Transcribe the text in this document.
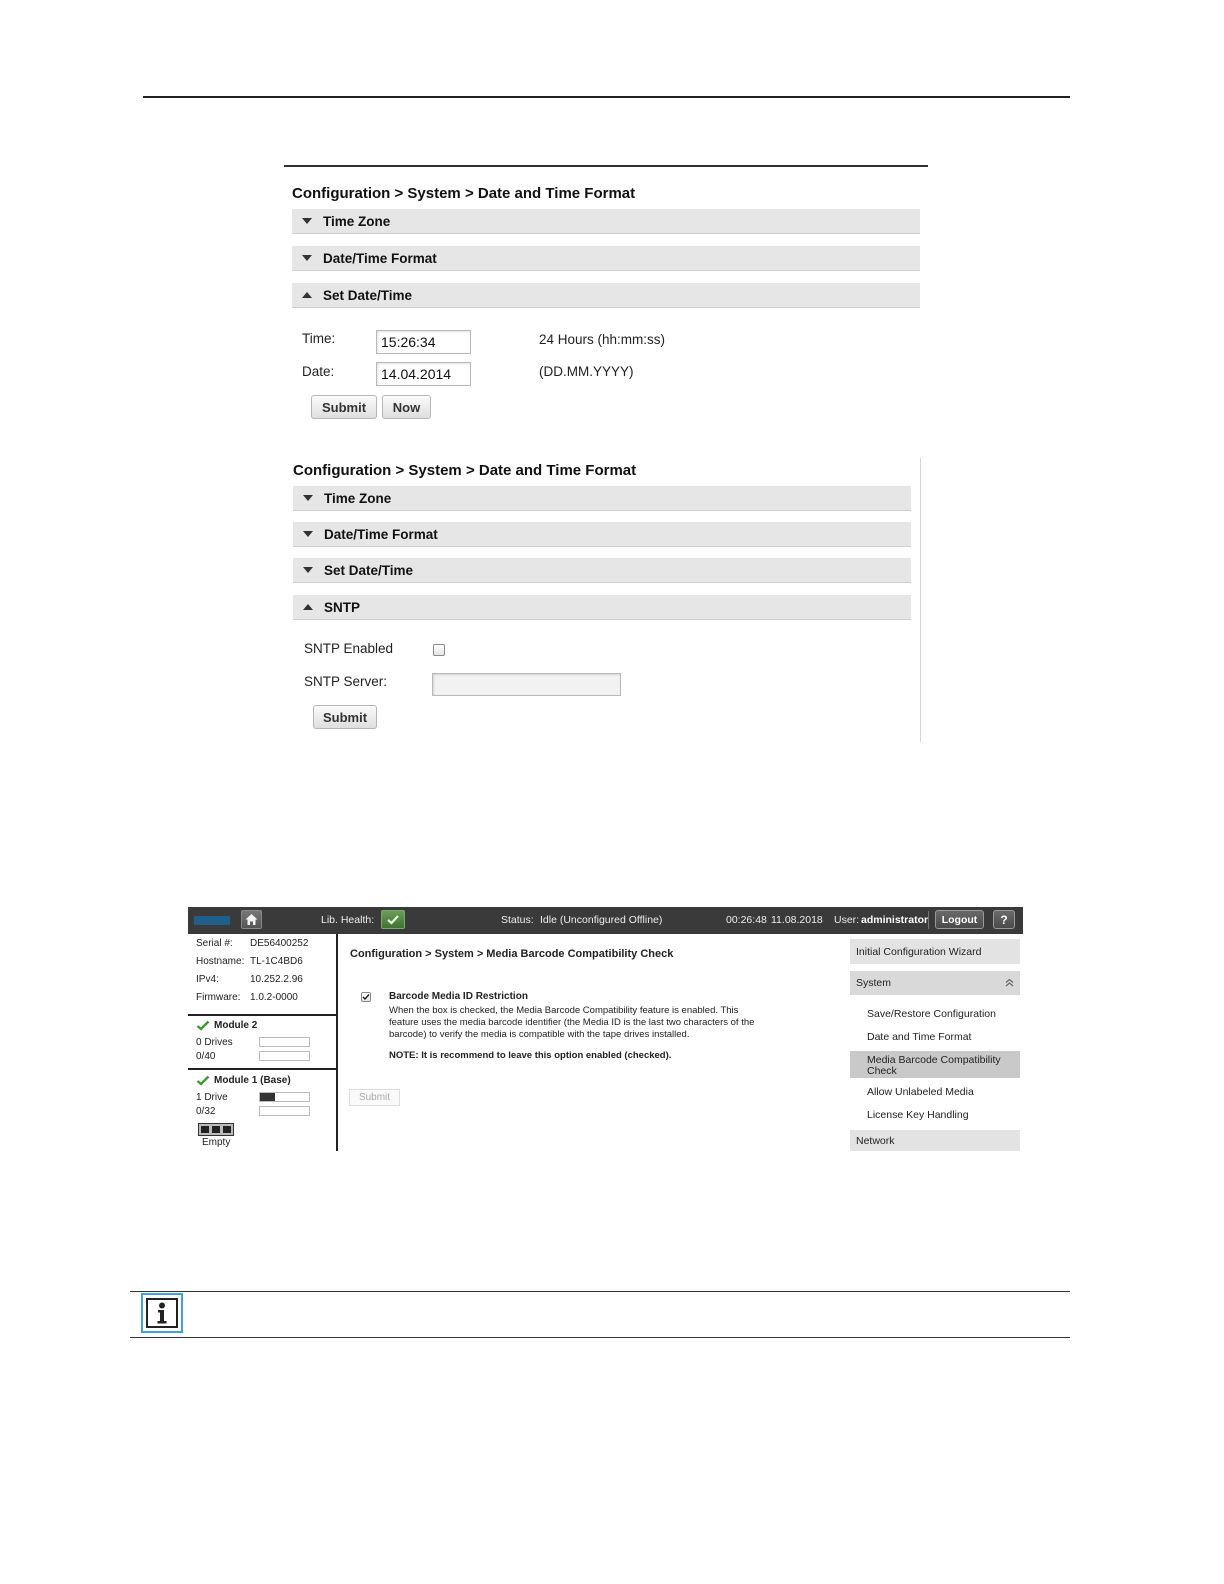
Configuration > System > Date and Time Format
Time Zone
Date/Time Format
Set Date/Time
Time:
15:26:34	24 Hours (hh:mm:ss)
Date:
14.04.2014	(DD.MM.YYYY)
Submit	Now
Configuration > System > Date and Time Format
Time Zone
Date/Time Format
Set Date/Time
SNTP
SNTP Enabled
SNTP Server:
Submit
Lib. Health:	Status: Idle (Unconfigured Offline)	00:26:48 11.08.2018 User: administrator	Logout	?
Serial #: DE56400252
Hostname: TL-1C4BD6
IPv4:	10.252.2.96
Firmware: 1.0.2-0000
Module 2
0 Drives
0/40
Module 1 (Base)
1 Drive
0/32
Empty
Configuration > System > Media Barcode Compatibility Check
Barcode Media ID Restriction
When the box is checked, the Media Barcode Compatibility feature is enabled. This
feature uses the media barcode identifier (the Media ID is the last two characters of the
barcode) to verify the media is compatible with the tape drives installed.
NOTE: It is recommend to leave this option enabled (checked).
Submit
Initial Configuration Wizard
System
Save/Restore Configuration
Date and Time Format
Media Barcode Compatibility
Check
Allow Unlabeled Media
License Key Handling
Network
